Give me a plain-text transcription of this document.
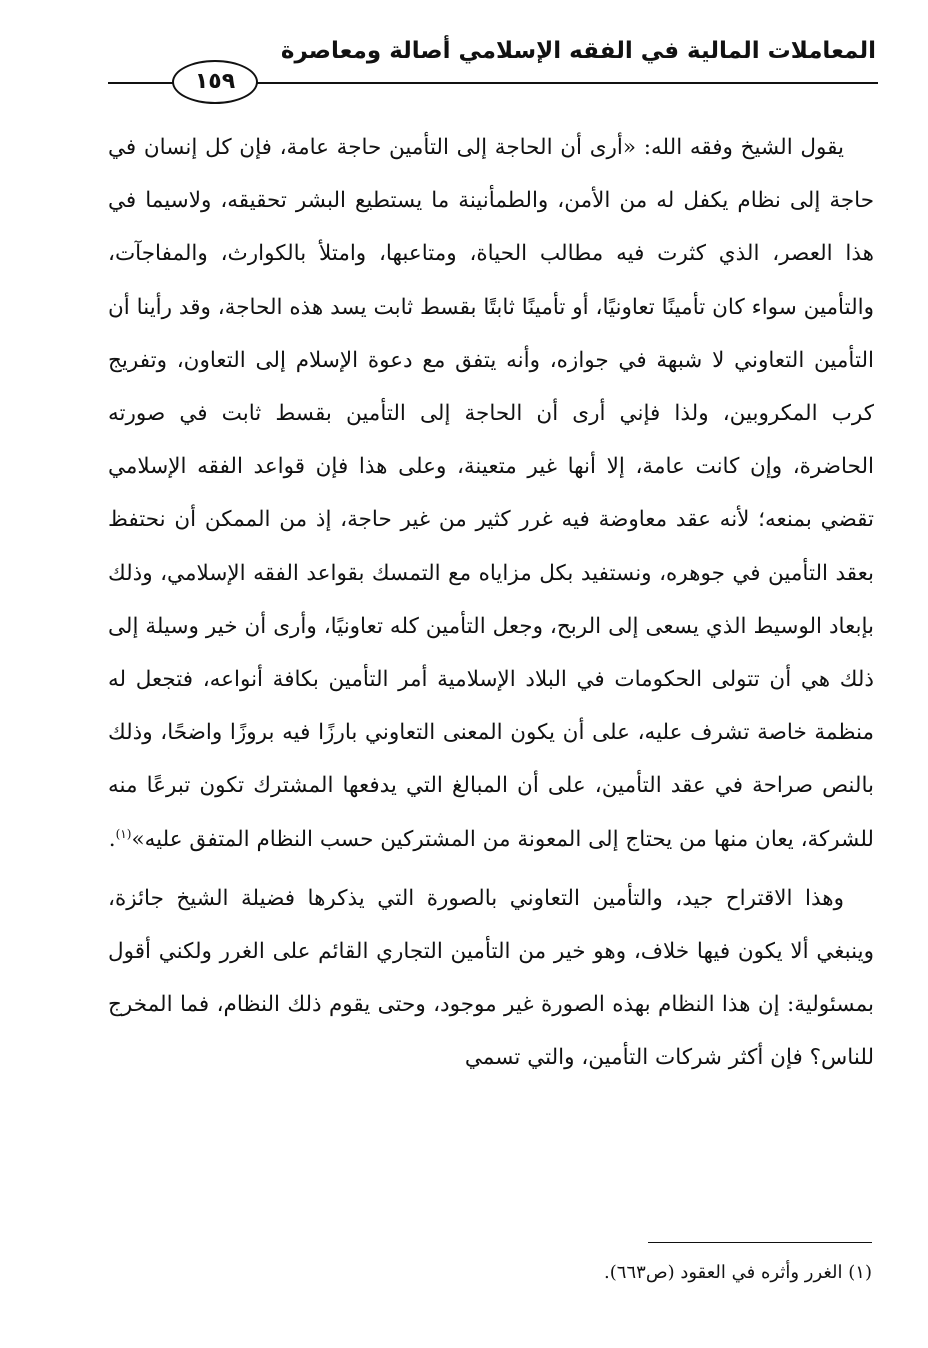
المعاملات المالية في الفقه الإسلامي أصالة ومعاصرة
١٥٩

يقول الشيخ وفقه الله: «أرى أن الحاجة إلى التأمين حاجة عامة، فإن كل إنسان في حاجة إلى نظام يكفل له من الأمن، والطمأنينة ما يستطيع البشر تحقيقه، ولاسيما في هذا العصر، الذي كثرت فيه مطالب الحياة، ومتاعبها، وامتلأ بالكوارث، والمفاجآت، والتأمين سواء كان تأمينًا تعاونيًا، أو تأمينًا ثابتًا بقسط ثابت يسد هذه الحاجة، وقد رأينا أن التأمين التعاوني لا شبهة في جوازه، وأنه يتفق مع دعوة الإسلام إلى التعاون، وتفريج كرب المكروبين، ولذا فإني أرى أن الحاجة إلى التأمين بقسط ثابت في صورته الحاضرة، وإن كانت عامة، إلا أنها غير متعينة، وعلى هذا فإن قواعد الفقه الإسلامي تقضي بمنعه؛ لأنه عقد معاوضة فيه غرر كثير من غير حاجة، إذ من الممكن أن نحتفظ بعقد التأمين في جوهره، ونستفيد بكل مزاياه مع التمسك بقواعد الفقه الإسلامي، وذلك بإبعاد الوسيط الذي يسعى إلى الربح، وجعل التأمين كله تعاونيًا، وأرى أن خير وسيلة إلى ذلك هي أن تتولى الحكومات في البلاد الإسلامية أمر التأمين بكافة أنواعه، فتجعل له منظمة خاصة تشرف عليه، على أن يكون المعنى التعاوني بارزًا فيه بروزًا واضحًا، وذلك بالنص صراحة في عقد التأمين، على أن المبالغ التي يدفعها المشترك تكون تبرعًا منه للشركة، يعان منها من يحتاج إلى المعونة من المشتركين حسب النظام المتفق عليه»$^{(١)}$.

وهذا الاقتراح جيد، والتأمين التعاوني بالصورة التي يذكرها فضيلة الشيخ جائزة، وينبغي ألا يكون فيها خلاف، وهو خير من التأمين التجاري القائم على الغرر ولكني أقول بمسئولية: إن هذا النظام بهذه الصورة غير موجود، وحتى يقوم ذلك النظام، فما المخرج للناس؟ فإن أكثر شركات التأمين، والتي تسمي

(١) الغرر وأثره في العقود (ص٦٦٣).
